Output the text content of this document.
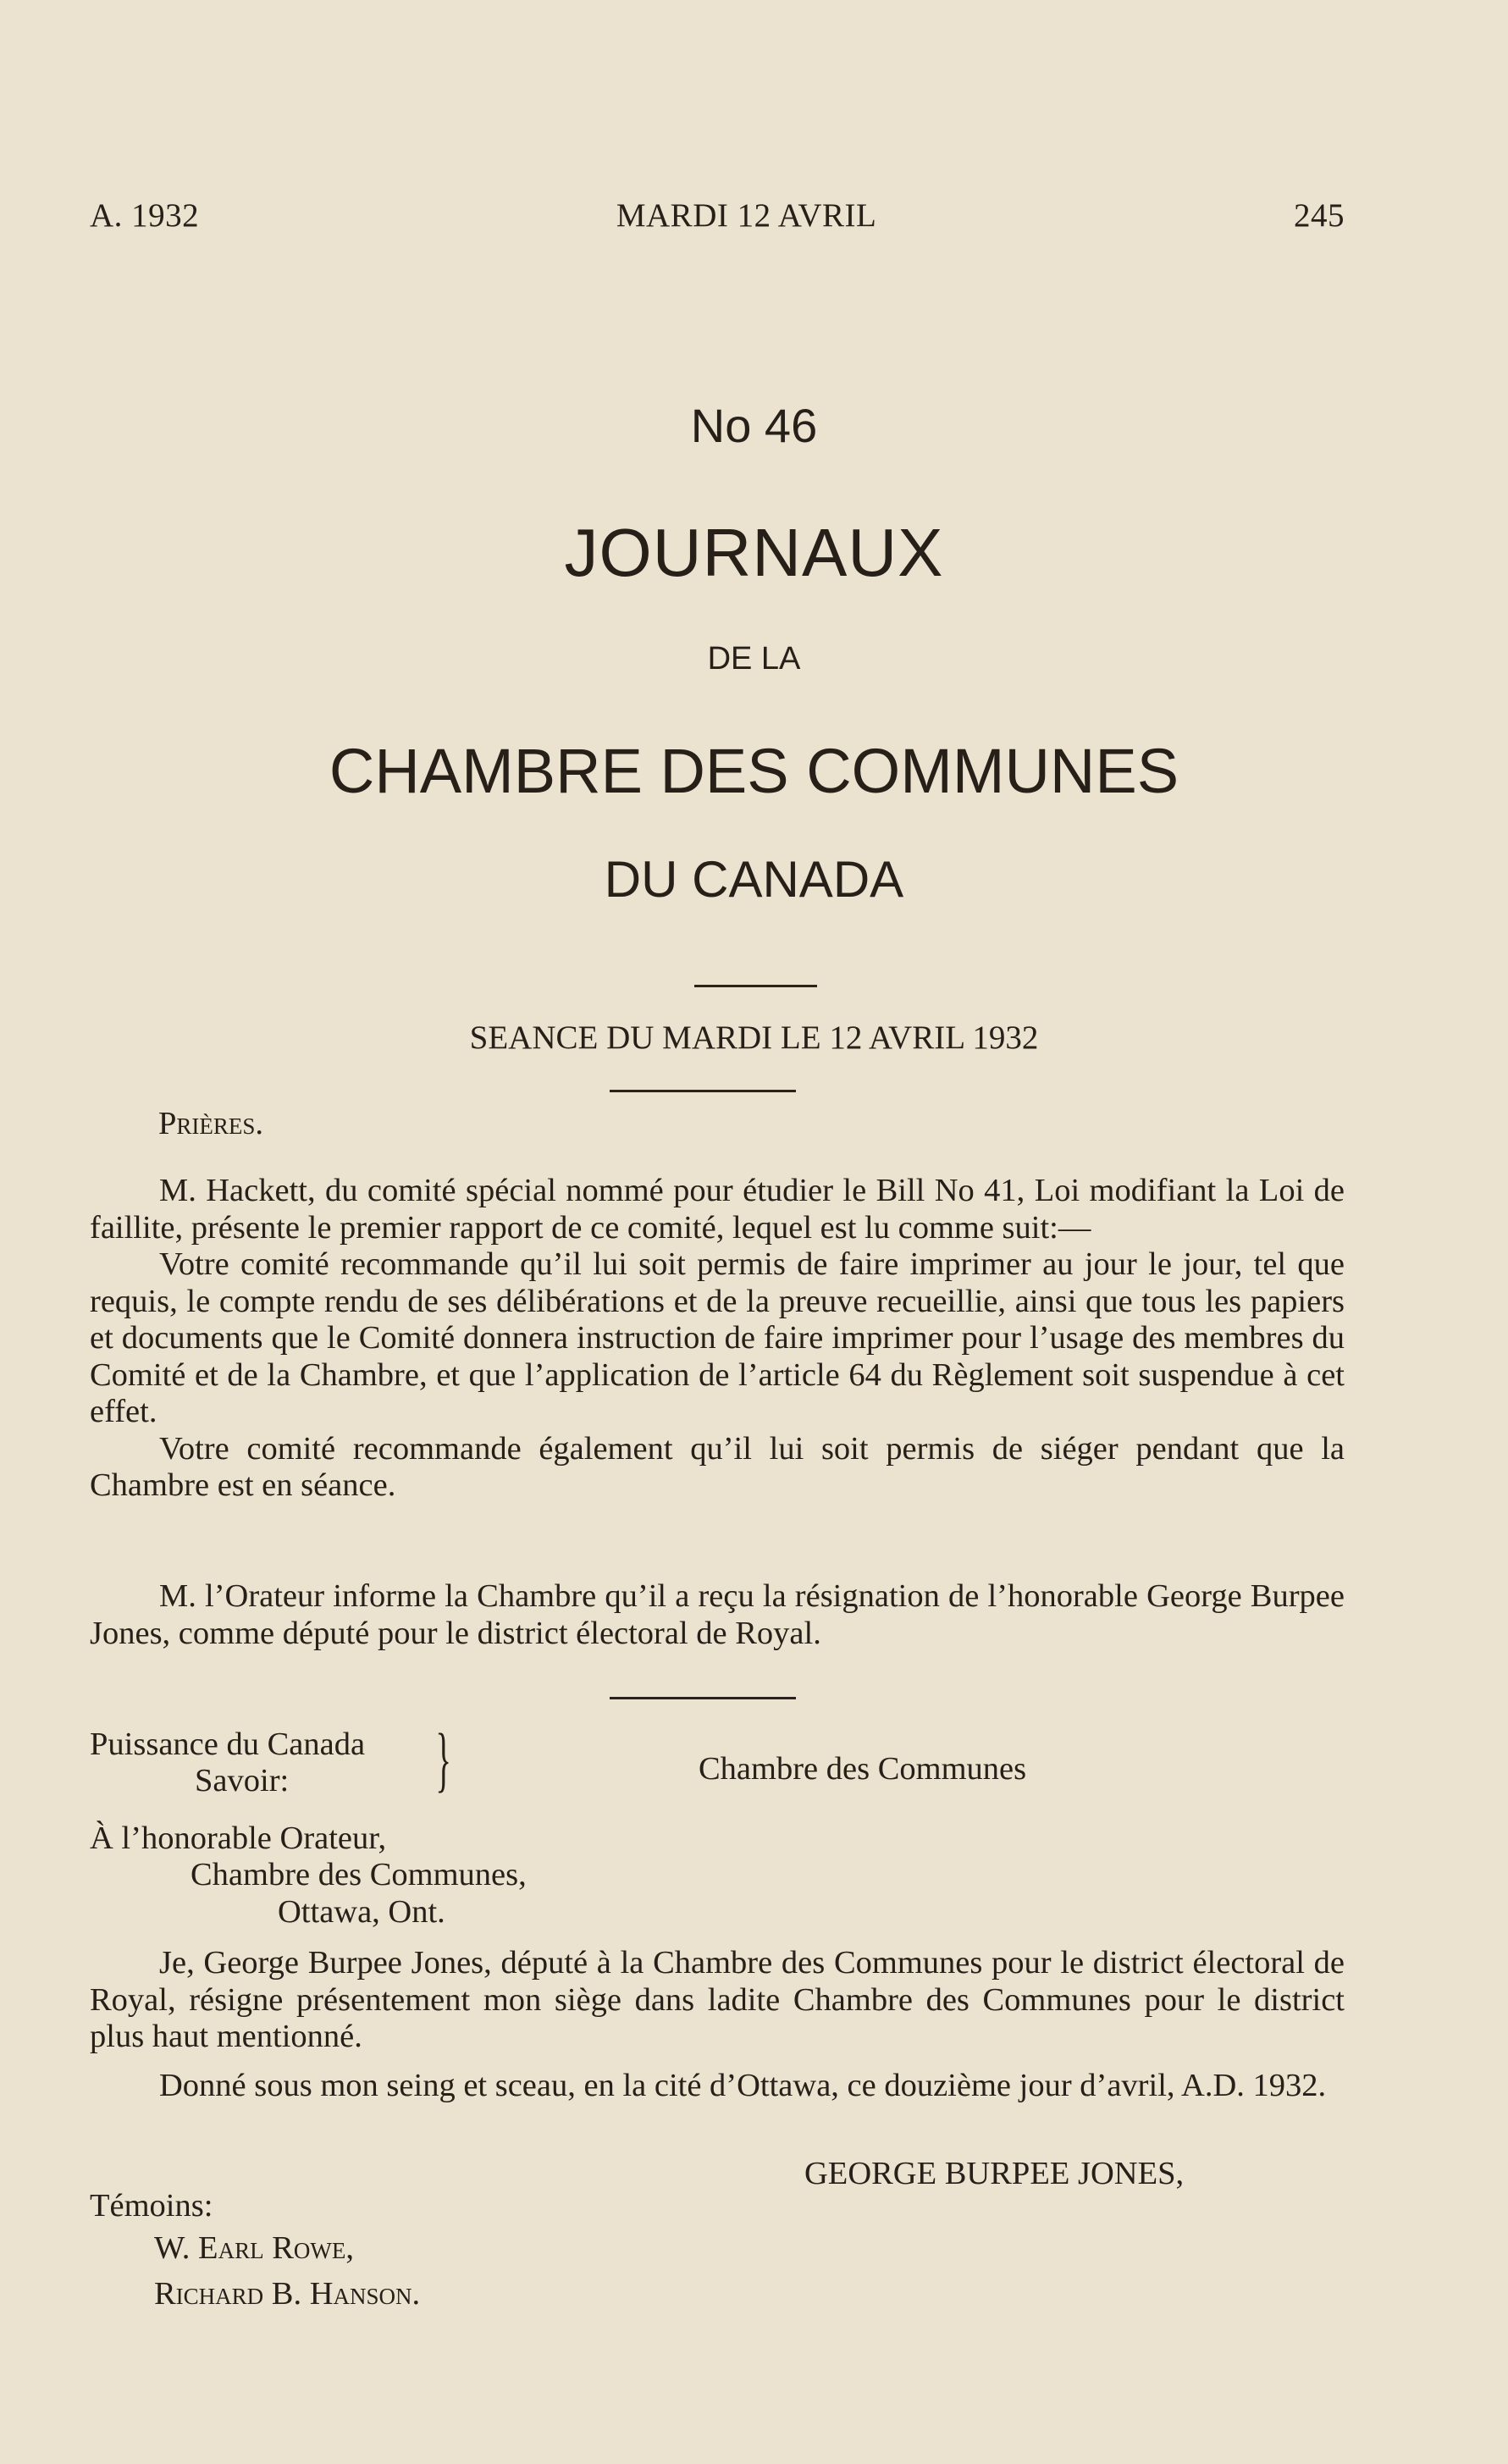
A. 1932	MARDI 12 AVRIL	245
No 46
JOURNAUX
DE LA
CHAMBRE DES COMMUNES
DU CANADA
SEANCE DU MARDI LE 12 AVRIL 1932
Prières.

M. Hackett, du comité spécial nommé pour étudier le Bill No 41, Loi modifiant la Loi de faillite, présente le premier rapport de ce comité, lequel est lu comme suit:—

Votre comité recommande qu’il lui soit permis de faire imprimer au jour le jour, tel que requis, le compte rendu de ses délibérations et de la preuve recueillie, ainsi que tous les papiers et documents que le Comité donnera instruction de faire imprimer pour l’usage des membres du Comité et de la Chambre, et que l’application de l’article 64 du Règlement soit suspendue à cet effet.

Votre comité recommande également qu’il lui soit permis de siéger pendant que la Chambre est en séance.

M. l’Orateur informe la Chambre qu’il a reçu la résignation de l’honorable George Burpee Jones, comme député pour le district électoral de Royal.

Puissance du Canada
Savoir: }	Chambre des Communes
À l’honorable Orateur,
Chambre des Communes,
Ottawa, Ont.

Je, George Burpee Jones, député à la Chambre des Communes pour le district électoral de Royal, résigne présentement mon siège dans ladite Chambre des Communes pour le district plus haut mentionné.

Donné sous mon seing et sceau, en la cité d’Ottawa, ce douzième jour d’avril, A.D. 1932.

GEORGE BURPEE JONES,
Témoins:
W. Earl Rowe,
Richard B. Hanson.
